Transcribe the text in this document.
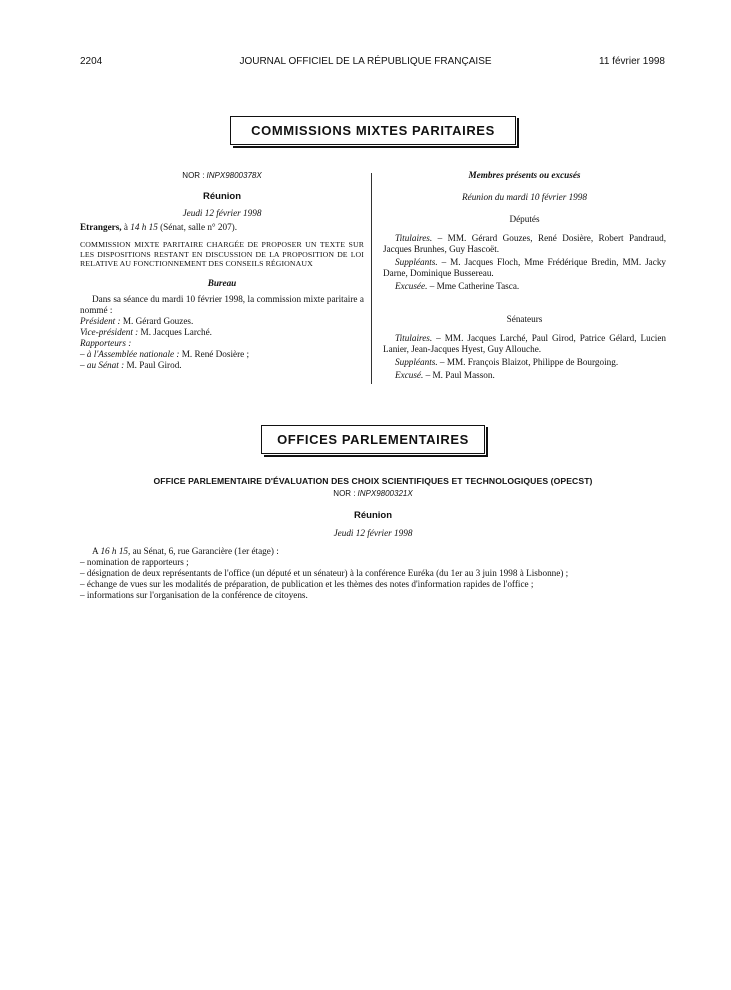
2204	JOURNAL OFFICIEL DE LA RÉPUBLIQUE FRANÇAISE	11 février 1998
COMMISSIONS MIXTES PARITAIRES

NOR : INPX9800378X

Réunion

Jeudi 12 février 1998

Etrangers, à 14 h 15 (Sénat, salle n° 207).

COMMISSION MIXTE PARITAIRE CHARGÉE DE PROPOSER UN TEXTE SUR LES DISPOSITIONS RESTANT EN DISCUSSION DE LA PROPOSITION DE LOI RELATIVE AU FONCTIONNEMENT DES CONSEILS RÉGIONAUX

Bureau

Dans sa séance du mardi 10 février 1998, la commission mixte paritaire a nommé :

Président : M. Gérard Gouzes.

Vice-président : M. Jacques Larché.

Rapporteurs :

– à l'Assemblée nationale : M. René Dosière ;

– au Sénat : M. Paul Girod.

Membres présents ou excusés

Réunion du mardi 10 février 1998

Députés

Titulaires. – MM. Gérard Gouzes, René Dosière, Robert Pandraud, Jacques Brunhes, Guy Hascoët.

Suppléants. – M. Jacques Floch, Mme Frédérique Bredin, MM. Jacky Darne, Dominique Bussereau.

Excusée. – Mme Catherine Tasca.

Sénateurs

Titulaires. – MM. Jacques Larché, Paul Girod, Patrice Gélard, Lucien Lanier, Jean-Jacques Hyest, Guy Allouche.

Suppléants. – MM. François Blaizot, Philippe de Bourgoing.

Excusé. – M. Paul Masson.

OFFICES PARLEMENTAIRES

OFFICE PARLEMENTAIRE D'ÉVALUATION DES CHOIX SCIENTIFIQUES ET TECHNOLOGIQUES (OPECST)

NOR : INPX9800321X

Réunion

Jeudi 12 février 1998

A 16 h 15, au Sénat, 6, rue Garancière (1er étage) :

– nomination de rapporteurs ;

– désignation de deux représentants de l'office (un député et un sénateur) à la conférence Euréka (du 1er au 3 juin 1998 à Lisbonne) ;

– échange de vues sur les modalités de préparation, de publication et les thèmes des notes d'information rapides de l'office ;

– informations sur l'organisation de la conférence de citoyens.
